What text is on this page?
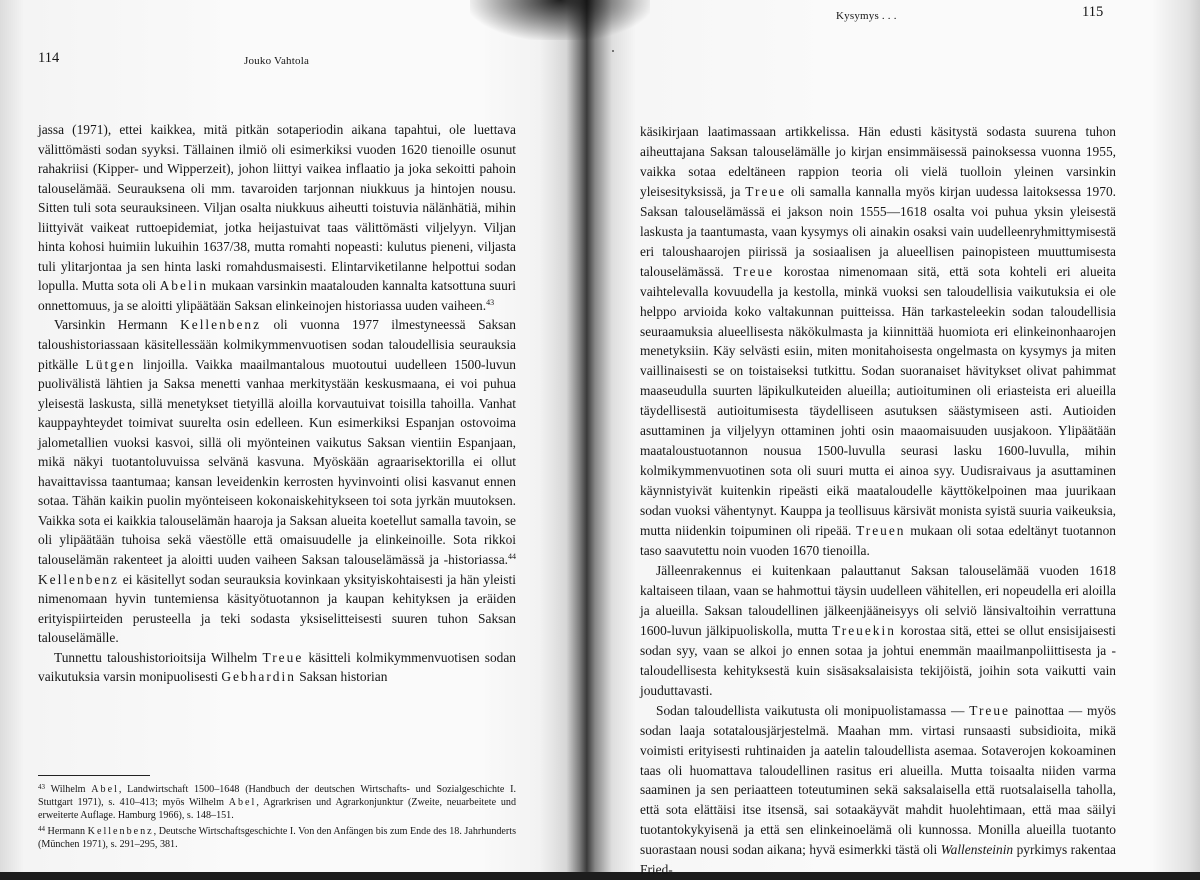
114	Jouko Vahtola

jassa (1971), ettei kaikkea, mitä pitkän sotaperiodin aikana tapahtui, ole luettava välittömästi sodan syyksi. Tällainen ilmiö oli esimerkiksi vuoden 1620 tienoille osunut rahakriisi (Kipper- und Wipperzeit), johon liittyi vaikea inflaatio ja joka sekoitti pahoin talouselämää. Seurauksena oli mm. tavaroiden tarjonnan niukkuus ja hintojen nousu. Sitten tuli sota seurauksineen. Viljan osalta niukkuus aiheutti toistuvia nälänhätiä, mihin liittyivät vaikeat ruttoepidemiat, jotka heijastuivat taas välittömästi viljelyyn. Viljan hinta kohosi huimiin lukuihin 1637/38, mutta romahti nopeasti: kulutus pieneni, viljasta tuli ylitarjontaa ja sen hinta laski romahdusmaisesti. Elintarviketilanne helpottui sodan lopulla. Mutta sota oli Abelin mukaan varsinkin maatalouden kannalta katsottuna suuri onnettomuus, ja se aloitti ylipäätään Saksan elinkeinojen historiassa uuden vaiheen.$^{43}$

Varsinkin Hermann Kellenbenz oli vuonna 1977 ilmestyneessä Saksan taloushistoriassaan käsitellessään kolmikymmenvuotisen sodan taloudellisia seurauksia pitkälle Lütgen linjoilla. Vaikka maailmantalous muotoutui uudelleen 1500-luvun puolivälistä lähtien ja Saksa menetti vanhaa merkitystään keskusmaana, ei voi puhua yleisestä laskusta, sillä menetykset tietyillä aloilla korvautuivat toisilla tahoilla. Vanhat kauppayhteydet toimivat suurelta osin edelleen. Kun esimerkiksi Espanjan ostovoima jalometallien vuoksi kasvoi, sillä oli myönteinen vaikutus Saksan vientiin Espanjaan, mikä näkyi tuotantoluvuissa selvänä kasvuna. Myöskään agraarisektorilla ei ollut havaittavissa taantumaa; kansan leveidenkin kerrosten hyvinvointi olisi kasvanut ennen sotaa. Tähän kaikin puolin myönteiseen kokonaiskehitykseen toi sota jyrkän muutoksen. Vaikka sota ei kaikkia talouselämän haaroja ja Saksan alueita koetellut samalla tavoin, se oli ylipäätään tuhoisa sekä väestölle että omaisuudelle ja elinkeinoille. Sota rikkoi talouselämän rakenteet ja aloitti uuden vaiheen Saksan talouselämässä ja -historiassa.$^{44}$ Kellenbenz ei käsitellyt sodan seurauksia kovinkaan yksityiskohtaisesti ja hän yleisti nimenomaan hyvin tuntemiensa käsityötuotannon ja kaupan kehityksen ja eräiden erityispiirteiden perusteella ja teki sodasta yksiselitteisesti suuren tuhon Saksan talouselämälle.

Tunnettu taloushistorioitsija Wilhelm Treue käsitteli kolmikymmenvuotisen sodan vaikutuksia varsin monipuolisesti Gebhardin Saksan historian

$^{43}$ Wilhelm Abel, Landwirtschaft 1500–1648 (Handbuch der deutschen Wirtschafts- und Sozialgeschichte I. Stuttgart 1971), s. 410–413; myös Wilhelm Abel, Agrarkrisen und Agrarkonjunktur (Zweite, neuarbeitete und erweiterte Auflage. Hamburg 1966), s. 148–151.

$^{44}$ Hermann Kellenbenz, Deutsche Wirtschaftsgeschichte I. Von den Anfängen bis zum Ende des 18. Jahrhunderts (München 1971), s. 291–295, 381.

Kysymys . . .	115

käsikirjaan laatimassaan artikkelissa. Hän edusti käsitystä sodasta suurena tuhon aiheuttajana Saksan talouselämälle jo kirjan ensimmäisessä painoksessa vuonna 1955, vaikka sotaa edeltäneen rappion teoria oli vielä tuolloin yleinen varsinkin yleisesityksissä, ja Treue oli samalla kannalla myös kirjan uudessa laitoksessa 1970. Saksan talouselämässä ei jakson noin 1555—1618 osalta voi puhua yksin yleisestä laskusta ja taantumasta, vaan kysymys oli ainakin osaksi vain uudelleenryhmittymisestä eri taloushaarojen piirissä ja sosiaalisen ja alueellisen painopisteen muuttumisesta talouselämässä. Treue korostaa nimenomaan sitä, että sota kohteli eri alueita vaihtelevalla kovuudella ja kestolla, minkä vuoksi sen taloudellisia vaikutuksia ei ole helppo arvioida koko valtakunnan puitteissa. Hän tarkasteleekin sodan taloudellisia seuraamuksia alueellisesta näkökulmasta ja kiinnittää huomiota eri elinkeinonhaarojen menetyksiin. Käy selvästi esiin, miten monitahoisesta ongelmasta on kysymys ja miten vaillinaisesti se on toistaiseksi tutkittu. Sodan suoranaiset hävitykset olivat pahimmat maaseudulla suurten läpikulkuteiden alueilla; autioituminen oli eriasteista eri alueilla täydellisestä autioitumisesta täydelliseen asutuksen säästymiseen asti. Autioiden asuttaminen ja viljelyyn ottaminen johti osin maaomaisuuden uusjakoon. Ylipäätään maataloustuotannon nousua 1500-luvulla seurasi lasku 1600-luvulla, mihin kolmikymmenvuotinen sota oli suuri mutta ei ainoa syy. Uudisraivaus ja asuttaminen käynnistyivät kuitenkin ripeästi eikä maataloudelle käyttökelpoinen maa juurikaan sodan vuoksi vähentynyt. Kauppa ja teollisuus kärsivät monista syistä suuria vaikeuksia, mutta niidenkin toipuminen oli ripeää. Treuen mukaan oli sotaa edeltänyt tuotannon taso saavutettu noin vuoden 1670 tienoilla.

Jälleenrakennus ei kuitenkaan palauttanut Saksan talouselämää vuoden 1618 kaltaiseen tilaan, vaan se hahmottui täysin uudelleen vähitellen, eri nopeudella eri aloilla ja alueilla. Saksan taloudellinen jälkeenjääneisyys oli selviö länsivaltoihin verrattuna 1600-luvun jälkipuoliskolla, mutta Treuekin korostaa sitä, ettei se ollut ensisijaisesti sodan syy, vaan se alkoi jo ennen sotaa ja johtui enemmän maailmanpoliittisesta ja -taloudellisesta kehityksestä kuin sisäsaksalaisista tekijöistä, joihin sota vaikutti vain jouduttavasti.

Sodan taloudellista vaikutusta oli monipuolistamassa — Treue painottaa — myös sodan laaja sotatalousjärjestelmä. Maahan mm. virtasi runsaasti subsidioita, mikä voimisti erityisesti ruhtinaiden ja aatelin taloudellista asemaa. Sotaverojen kokoaminen taas oli huomattava taloudellinen rasitus eri alueilla. Mutta toisaalta niiden varma saaminen ja sen periaatteen toteutuminen sekä saksalaisella että ruotsalaisella taholla, että sota elättäisi itse itsensä, sai sotaakäyvät mahdit huolehtimaan, että maa säilyi tuotantokykyisenä ja että sen elinkeinoelämä oli kunnossa. Monilla alueilla tuotanto suorastaan nousi sodan aikana; hyvä esimerkki tästä oli Wallensteinin pyrkimys rakentaa Fried-
